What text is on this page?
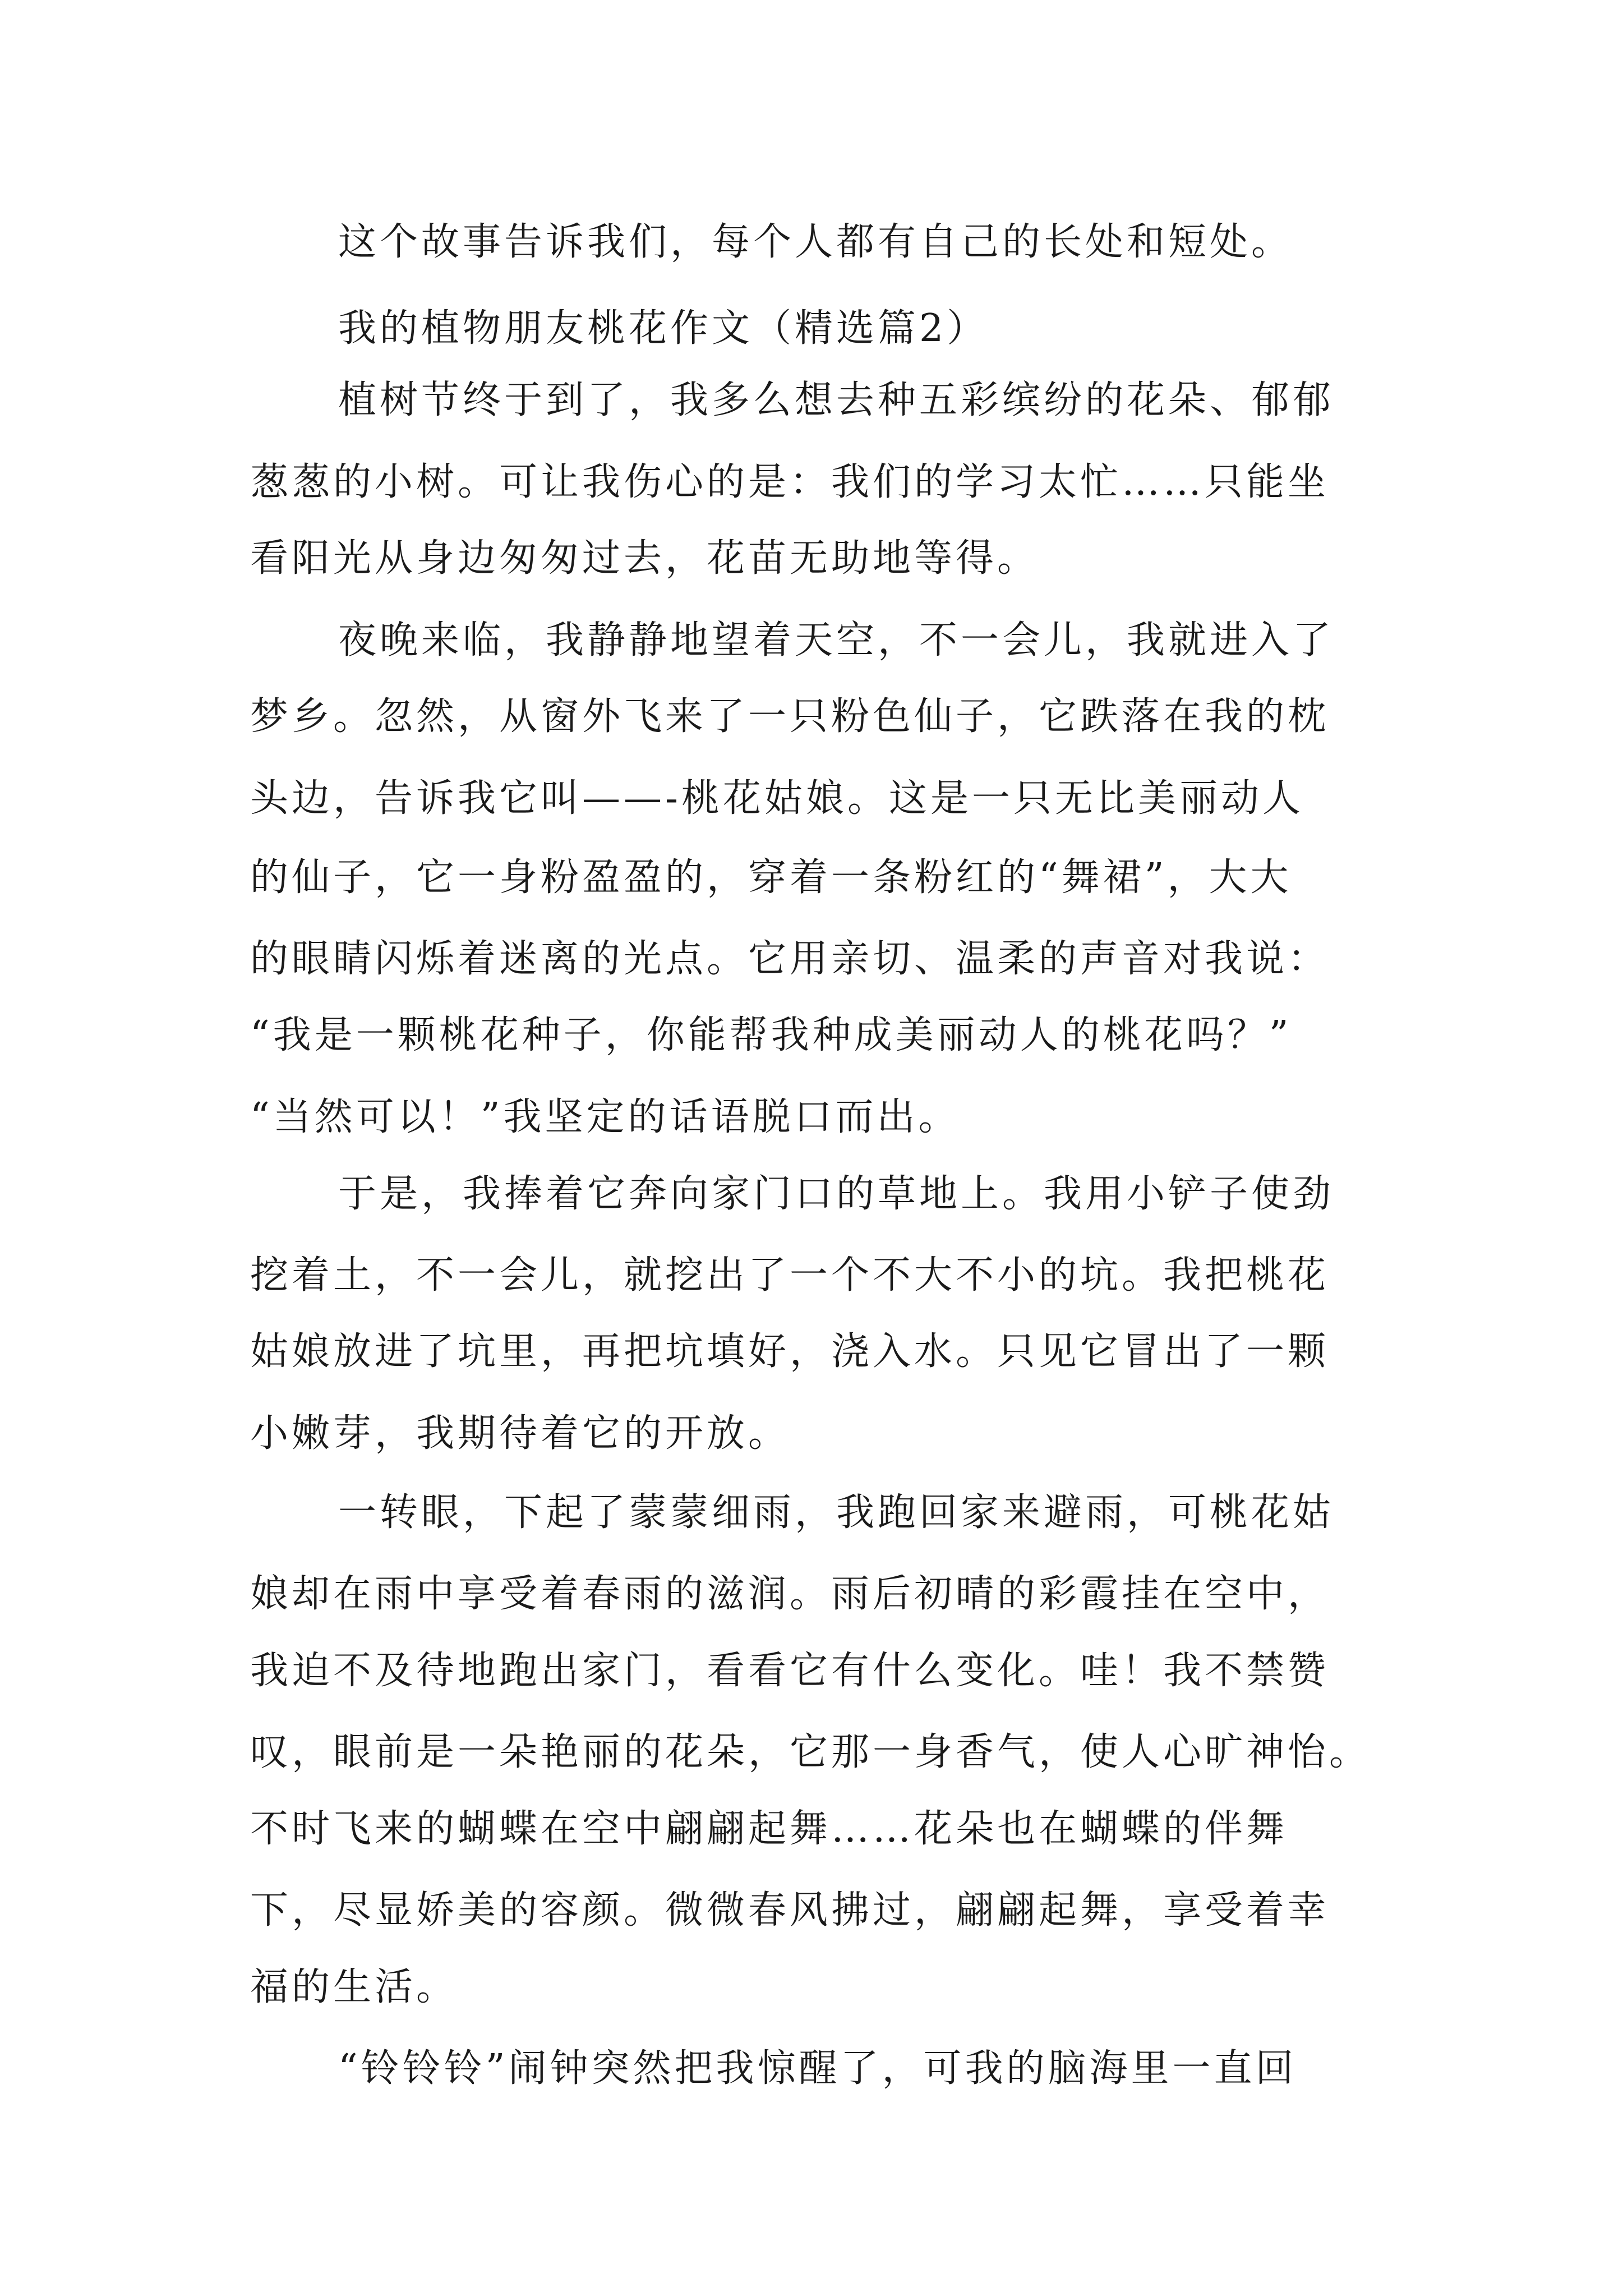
这个故事告诉我们，每个人都有自己的长处和短处。
我的植物朋友桃花作文（精选篇2）
植树节终于到了，我多么想去种五彩缤纷的花朵、郁郁
葱葱的小树。可让我伤心的是：我们的学习太忙……只能坐
看阳光从身边匆匆过去，花苗无助地等得。
夜晚来临，我静静地望着天空，不一会儿，我就进入了
梦乡。忽然，从窗外飞来了一只粉色仙子，它跌落在我的枕
头边，告诉我它叫——-桃花姑娘。这是一只无比美丽动人
的仙子，它一身粉盈盈的，穿着一条粉红的“舞裙”，大大
的眼睛闪烁着迷离的光点。它用亲切、温柔的声音对我说：
“我是一颗桃花种子，你能帮我种成美丽动人的桃花吗？”
“当然可以！”我坚定的话语脱口而出。
于是，我捧着它奔向家门口的草地上。我用小铲子使劲
挖着土，不一会儿，就挖出了一个不大不小的坑。我把桃花
姑娘放进了坑里，再把坑填好，浇入水。只见它冒出了一颗
小嫩芽，我期待着它的开放。
一转眼，下起了蒙蒙细雨，我跑回家来避雨，可桃花姑
娘却在雨中享受着春雨的滋润。雨后初晴的彩霞挂在空中，
我迫不及待地跑出家门，看看它有什么变化。哇！我不禁赞
叹，眼前是一朵艳丽的花朵，它那一身香气，使人心旷神怡。
不时飞来的蝴蝶在空中翩翩起舞……花朵也在蝴蝶的伴舞
下，尽显娇美的容颜。微微春风拂过，翩翩起舞，享受着幸
福的生活。
“铃铃铃”闹钟突然把我惊醒了，可我的脑海里一直回
